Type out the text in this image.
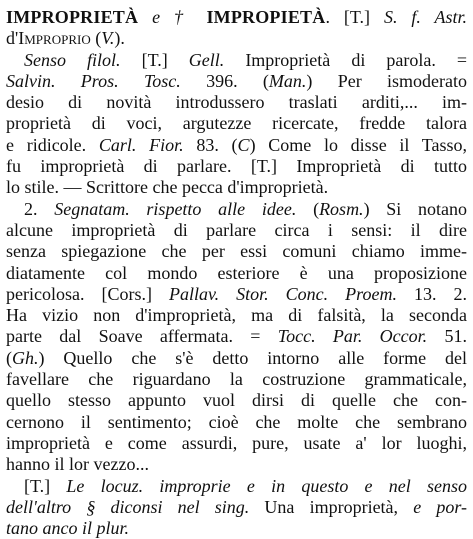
IMPROPRIETÀ e † IMPROPIETÀ. [T.] S. f. Astr.
d'Improprio (V.).
Senso filol. [T.] Gell. Improprietà di parola. =
Salvin. Pros. Tosc. 396. (Man.) Per ismoderato
desio di novità introdussero traslati arditi,... im-
proprietà di voci, argutezze ricercate, fredde talora
e ridicole. Carl. Fior. 83. (C) Come lo disse il Tasso,
fu improprietà di parlare. [T.] Improprietà di tutto
lo stile. — Scrittore che pecca d'improprietà.
2. Segnatam. rispetto alle idee. (Rosm.) Si notano
alcune improprietà di parlare circa i sensi: il dire
senza spiegazione che per essi comuni chiamo imme-
diatamente col mondo esteriore è una proposizione
pericolosa. [Cors.] Pallav. Stor. Conc. Proem. 13. 2.
Ha vizio non d'improprietà, ma di falsità, la seconda
parte dal Soave affermata. = Tocc. Par. Occor. 51.
(Gh.) Quello che s'è detto intorno alle forme del
favellare che riguardano la costruzione grammaticale,
quello stesso appunto vuol dirsi di quelle che con-
cernono il sentimento; cioè che molte che sembrano
improprietà e come assurdi, pure, usate a' lor luoghi,
hanno il lor vezzo...
[T.] Le locuz. improprie e in questo e nel senso
dell'altro § diconsi nel sing. Una improprietà, e por-
tano anco il plur.
